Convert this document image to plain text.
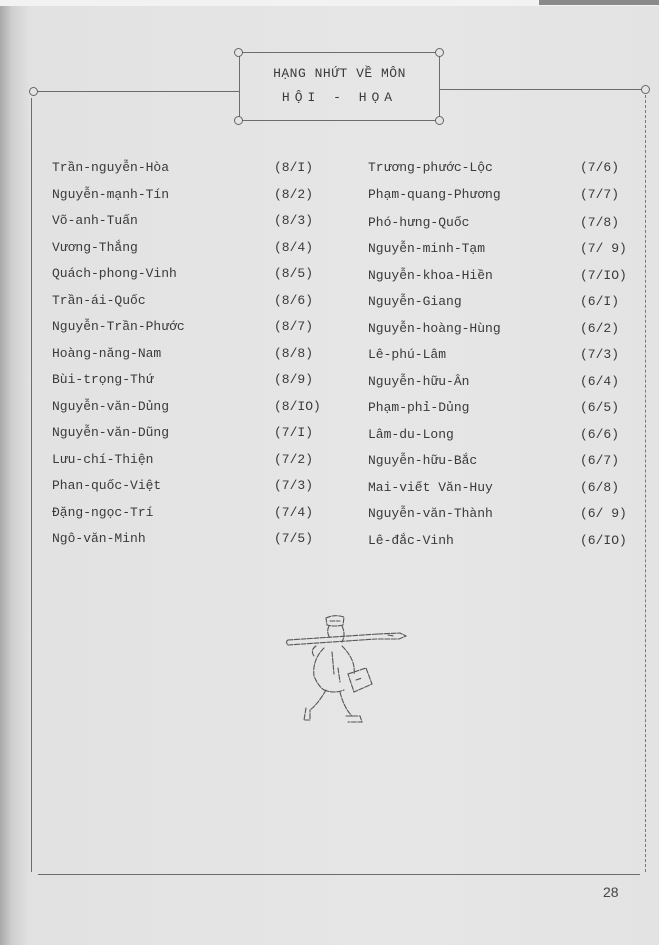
HẠNG NHỨT VỀ MÔN
HỘI - HỌA
Trần-nguyễn-Hòa	(8/I)
Nguyễn-mạnh-Tín	(8/2)
Võ-anh-Tuấn	(8/3)
Vương-Thắng	(8/4)
Quách-phong-Vinh	(8/5)
Trần-ái-Quốc	(8/6)
Nguyễn-Trần-Phước	(8/7)
Hoàng-năng-Nam	(8/8)
Bùi-trọng-Thứ	(8/9)
Nguyễn-văn-Dủng	(8/IO)
Nguyễn-văn-Dũng	(7/I)
Lưu-chí-Thiện	(7/2)
Phan-quốc-Việt	(7/3)
Đặng-ngọc-Trí	(7/4)
Ngô-văn-Minh	(7/5)
Trương-phước-Lộc	(7/6)
Phạm-quang-Phương	(7/7)
Phó-hưng-Quốc	(7/8)
Nguyễn-minh-Tạm	(7/ 9)
Nguyễn-khoa-Hiền	(7/IO)
Nguyễn-Giang	(6/I)
Nguyễn-hoàng-Hùng	(6/2)
Lê-phú-Lâm	(7/3)
Nguyễn-hữu-Ân	(6/4)
Phạm-phỉ-Dủng	(6/5)
Lâm-du-Long	(6/6)
Nguyễn-hữu-Bắc	(6/7)
Mai-viết Văn-Huy	(6/8)
Nguyễn-văn-Thành	(6/ 9)
Lê-đắc-Vinh	(6/IO)
28
